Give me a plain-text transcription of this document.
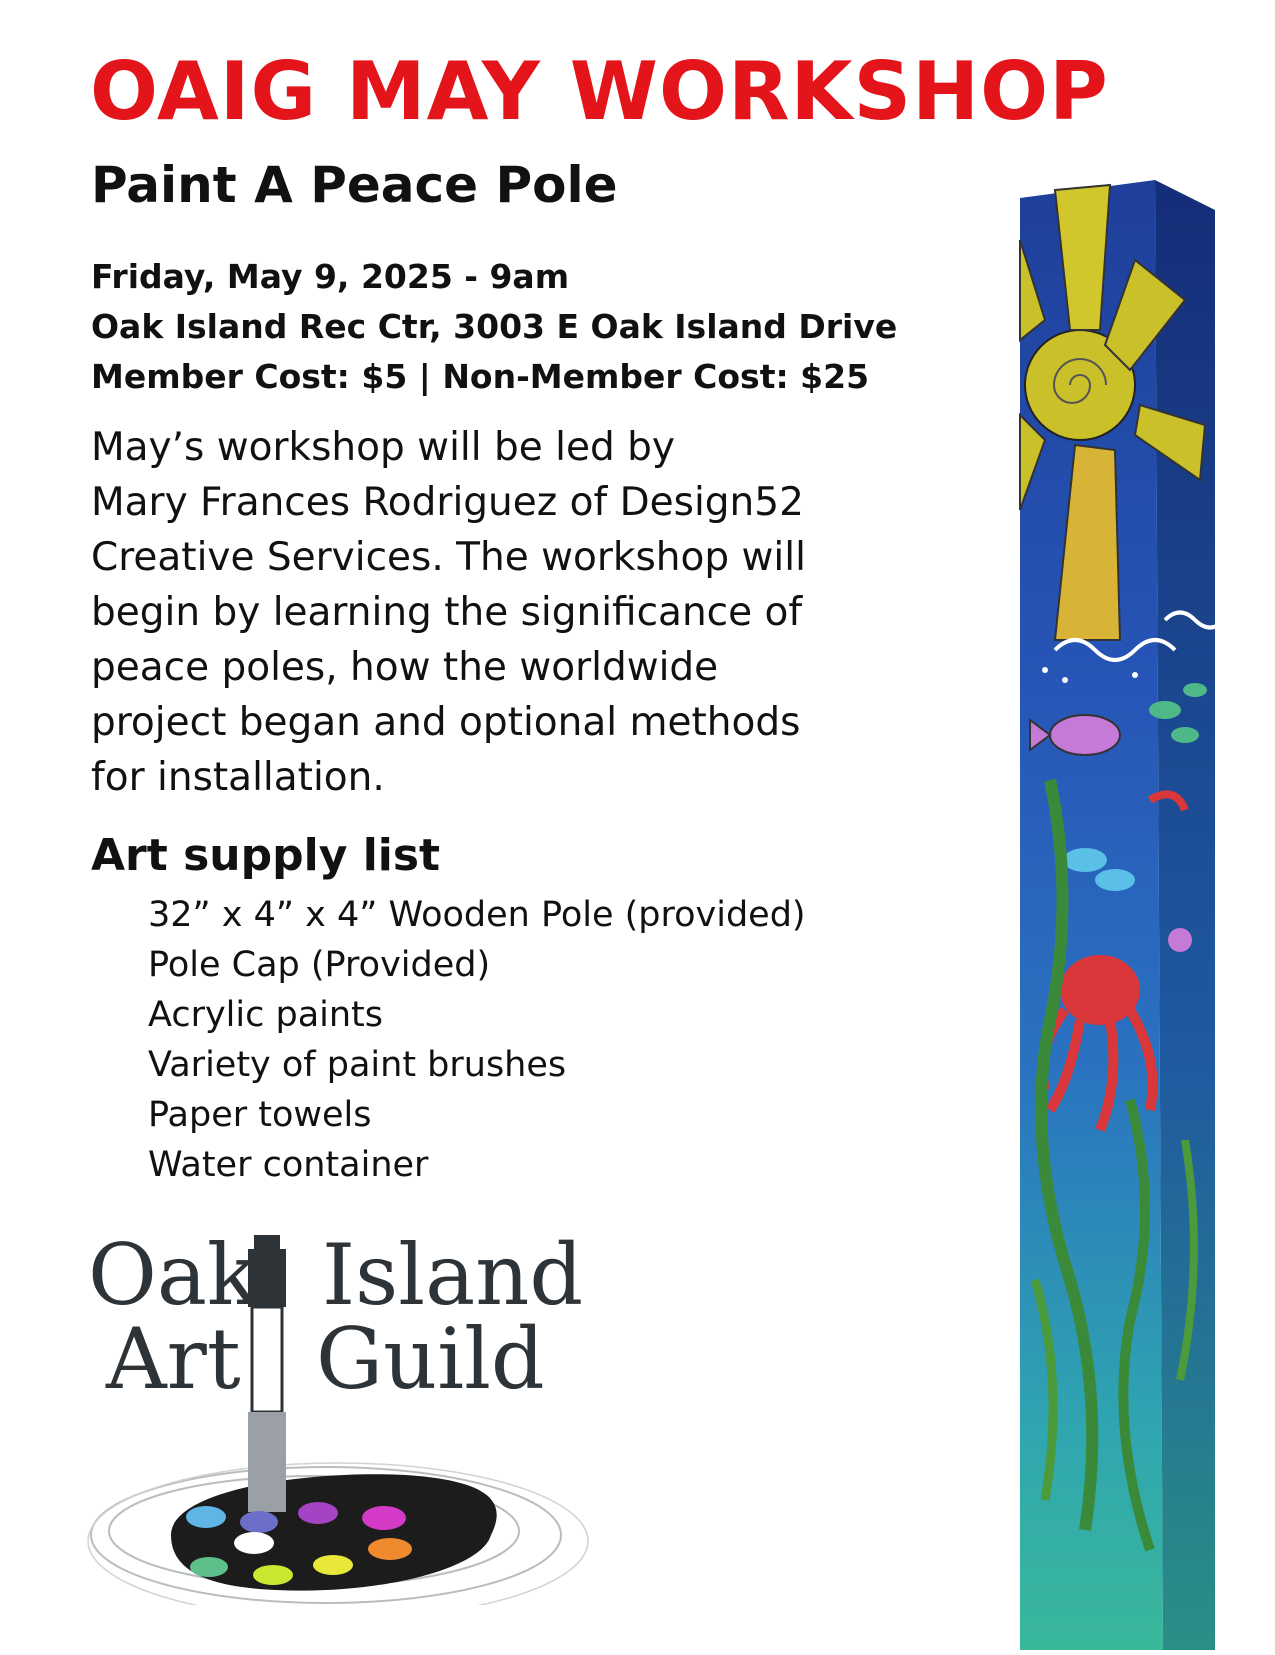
OAIG MAY WORKSHOP
Paint A Peace Pole
Friday, May 9, 2025 - 9am
Oak Island Rec Ctr, 3003 E Oak Island Drive
Member Cost: $5 | Non-Member Cost: $25

May’s workshop will be led by
Mary Frances Rodriguez of Design52
Creative Services. The workshop will
begin by learning the significance of
peace poles, how the worldwide
project began and optional methods
for installation.

Art supply list
32” x 4” x 4” Wooden Pole (provided)
Pole Cap (Provided)
Acrylic paints
Variety of paint brushes
Paper towels
Water container
Oak Island
Art Guild
